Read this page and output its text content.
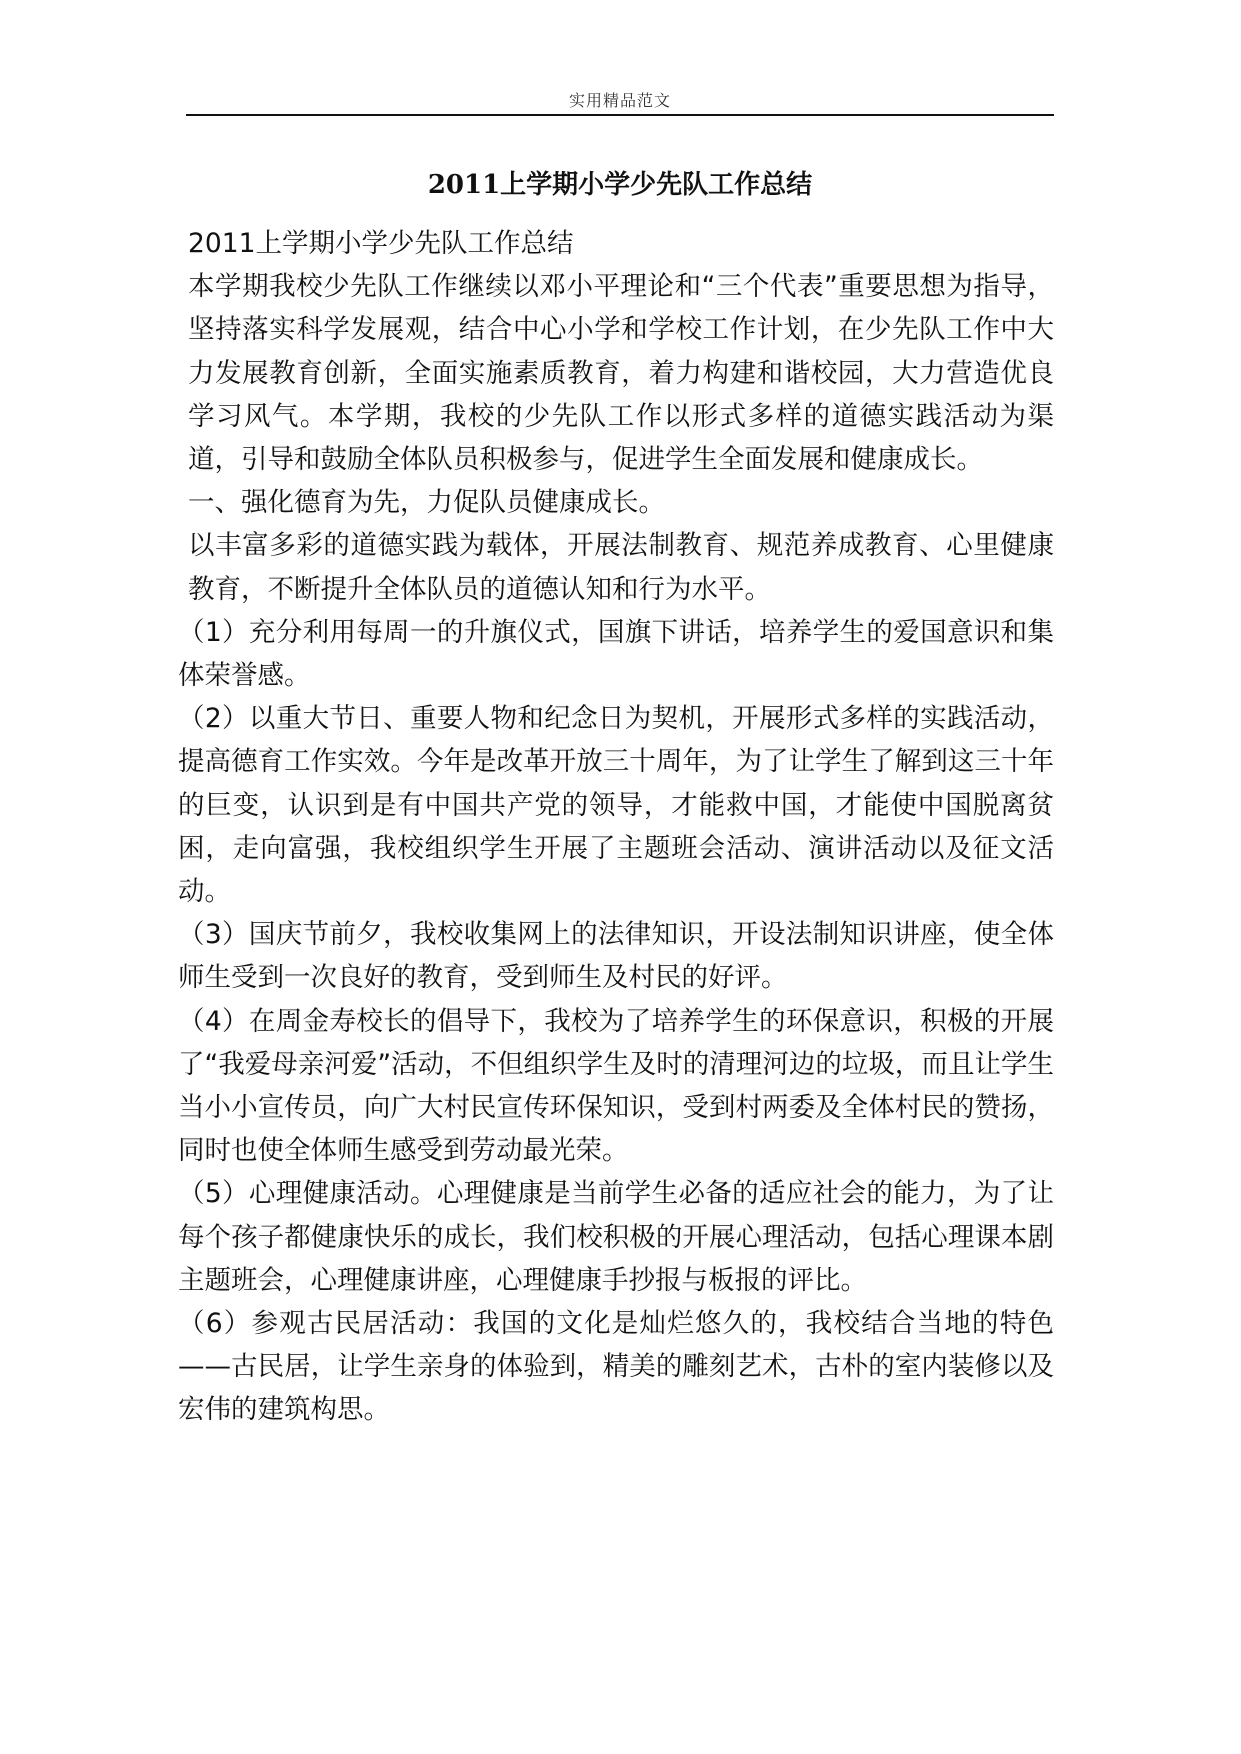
实用精品范文
2011上学期小学少先队工作总结

2011上学期小学少先队工作总结

本学期我校少先队工作继续以邓小平理论和“三个代表”重要思想为指导，坚持落实科学发展观，结合中心小学和学校工作计划，在少先队工作中大力发展教育创新，全面实施素质教育，着力构建和谐校园，大力营造优良学习风气。本学期，我校的少先队工作以形式多样的道德实践活动为渠道，引导和鼓励全体队员积极参与，促进学生全面发展和健康成长。

一、强化德育为先，力促队员健康成长。

以丰富多彩的道德实践为载体，开展法制教育、规范养成教育、心里健康教育，不断提升全体队员的道德认知和行为水平。

（1）充分利用每周一的升旗仪式，国旗下讲话，培养学生的爱国意识和集体荣誉感。

（2）以重大节日、重要人物和纪念日为契机，开展形式多样的实践活动，提高德育工作实效。今年是改革开放三十周年，为了让学生了解到这三十年的巨变，认识到是有中国共产党的领导，才能救中国，才能使中国脱离贫困，走向富强，我校组织学生开展了主题班会活动、演讲活动以及征文活动。

（3）国庆节前夕，我校收集网上的法律知识，开设法制知识讲座，使全体师生受到一次良好的教育，受到师生及村民的好评。

（4）在周金寿校长的倡导下，我校为了培养学生的环保意识，积极的开展了“我爱母亲河爱”活动，不但组织学生及时的清理河边的垃圾，而且让学生当小小宣传员，向广大村民宣传环保知识，受到村两委及全体村民的赞扬，同时也使全体师生感受到劳动最光荣。

（5）心理健康活动。心理健康是当前学生必备的适应社会的能力，为了让每个孩子都健康快乐的成长，我们校积极的开展心理活动，包括心理课本剧主题班会，心理健康讲座，心理健康手抄报与板报的评比。

（6）参观古民居活动：我国的文化是灿烂悠久的，我校结合当地的特色——古民居，让学生亲身的体验到，精美的雕刻艺术，古朴的室内装修以及宏伟的建筑构思。
